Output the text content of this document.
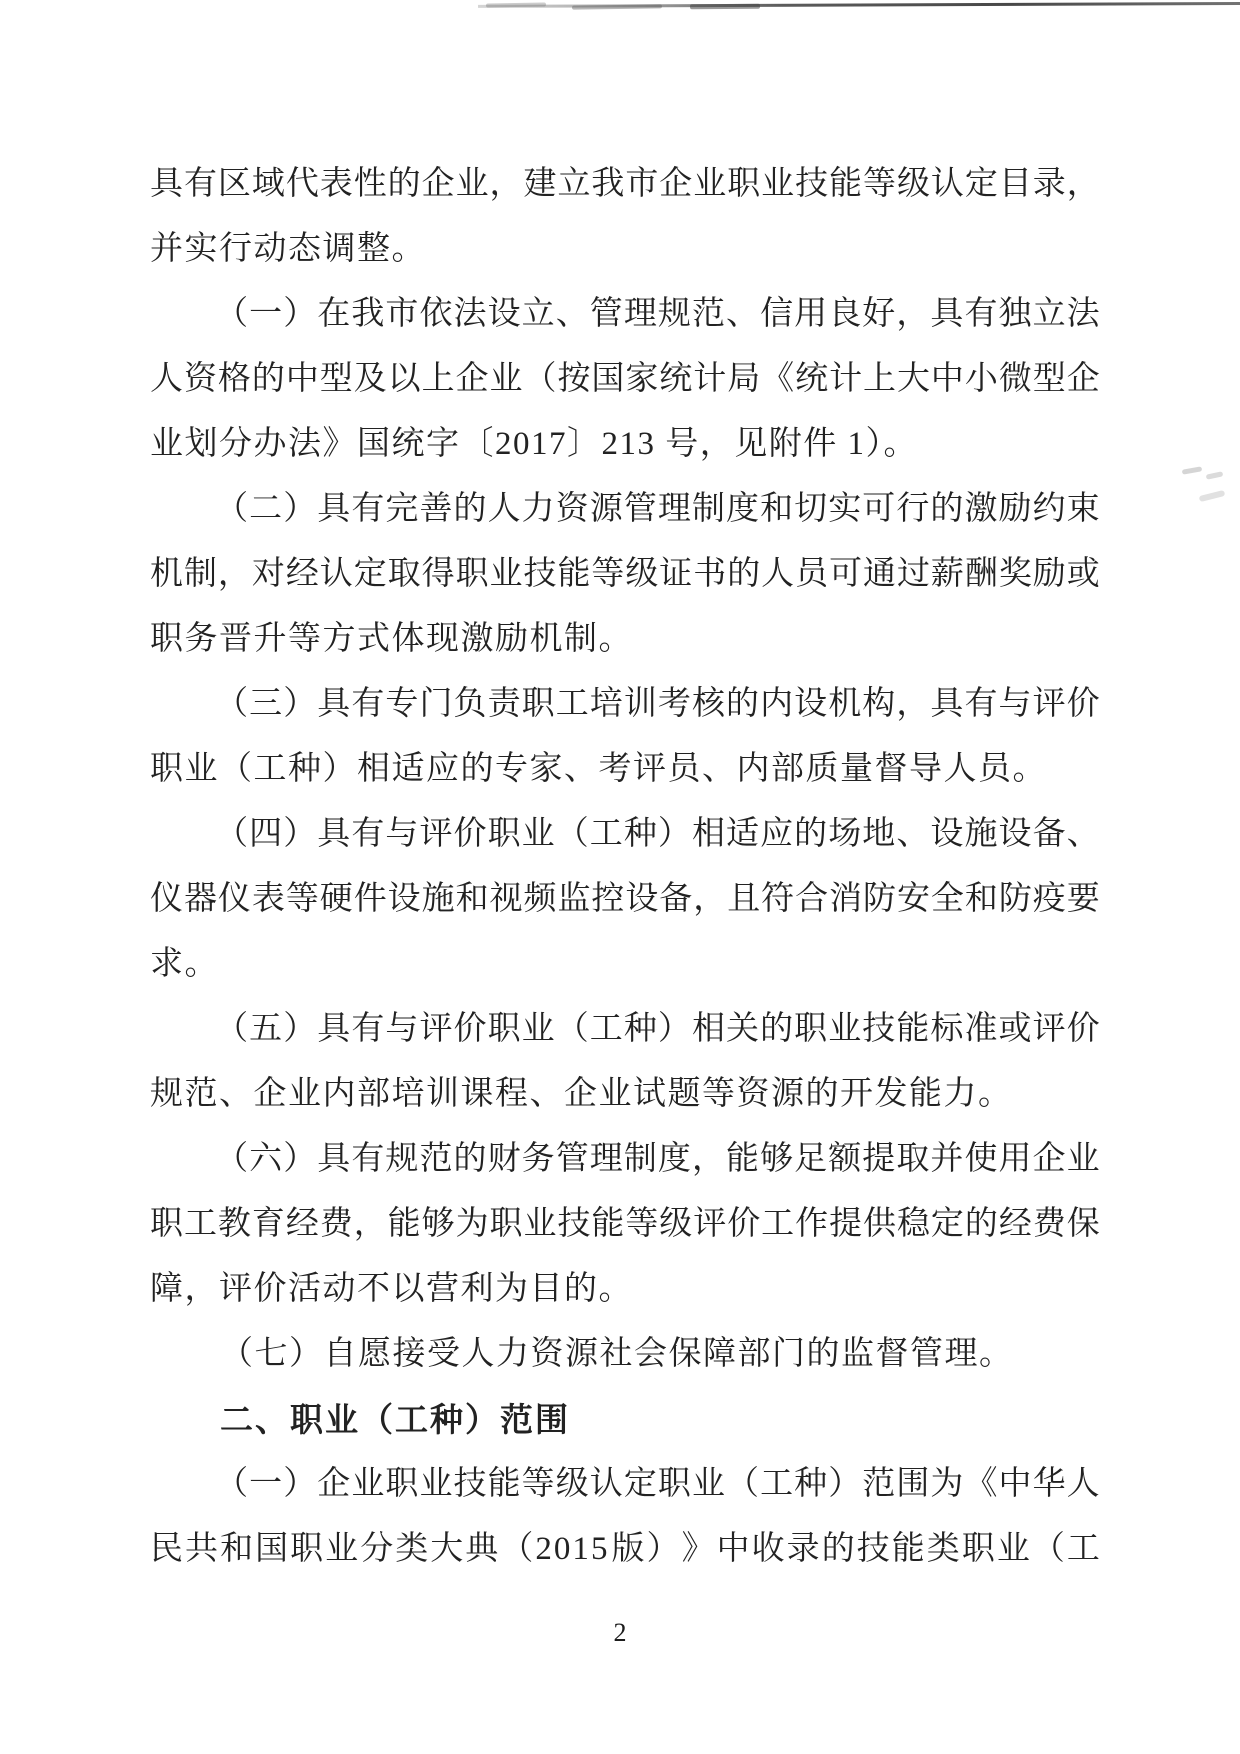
具 有 区 域 代 表 性 的 企 业 ， 建 立 我 市 企 业 职 业 技 能 等 级 认 定 目 录 ，
并实行动态调整。
（ 一 ） 在 我 市 依 法 设 立 、 管 理 规 范 、 信 用 良 好 ， 具 有 独 立 法
人 资 格 的 中 型 及 以 上 企 业 （ 按 国 家 统 计 局 《 统 计 上 大 中 小 微 型 企
业划分办法》国统字〔2017〕213 号，见附件 1）。
（ 二 ） 具 有 完 善 的 人 力 资 源 管 理 制 度 和 切 实 可 行 的 激 励 约 束
机 制 ， 对 经 认 定 取 得 职 业 技 能 等 级 证 书 的 人 员 可 通 过 薪 酬 奖 励 或
职务晋升等方式体现激励机制。
（ 三 ） 具 有 专 门 负 责 职 工 培 训 考 核 的 内 设 机 构 ， 具 有 与 评 价
职业（工种）相适应的专家、考评员、内部质量督导人员。
（ 四 ） 具 有 与 评 价 职 业 （ 工 种 ） 相 适 应 的 场 地 、 设 施 设 备 、
仪 器 仪 表 等 硬 件 设 施 和 视 频 监 控 设 备 ， 且 符 合 消 防 安 全 和 防 疫 要
求。
（ 五 ） 具 有 与 评 价 职 业 （ 工 种 ） 相 关 的 职 业 技 能 标 准 或 评 价
规范、企业内部培训课程、企业试题等资源的开发能力。
（ 六 ） 具 有 规 范 的 财 务 管 理 制 度 ， 能 够 足 额 提 取 并 使 用 企 业
职 工 教 育 经 费 ， 能 够 为 职 业 技 能 等 级 评 价 工 作 提 供 稳 定 的 经 费 保
障，评价活动不以营利为目的。
（七）自愿接受人力资源社会保障部门的监督管理。
二、职业（工种）范围
（ 一 ） 企 业 职 业 技 能 等 级 认 定 职 业 （ 工 种 ） 范 围 为 《 中 华 人
民 共 和 国 职 业 分 类 大 典 （ 2 0 1 5 版 ） 》 中 收 录 的 技 能 类 职 业 （ 工
2
